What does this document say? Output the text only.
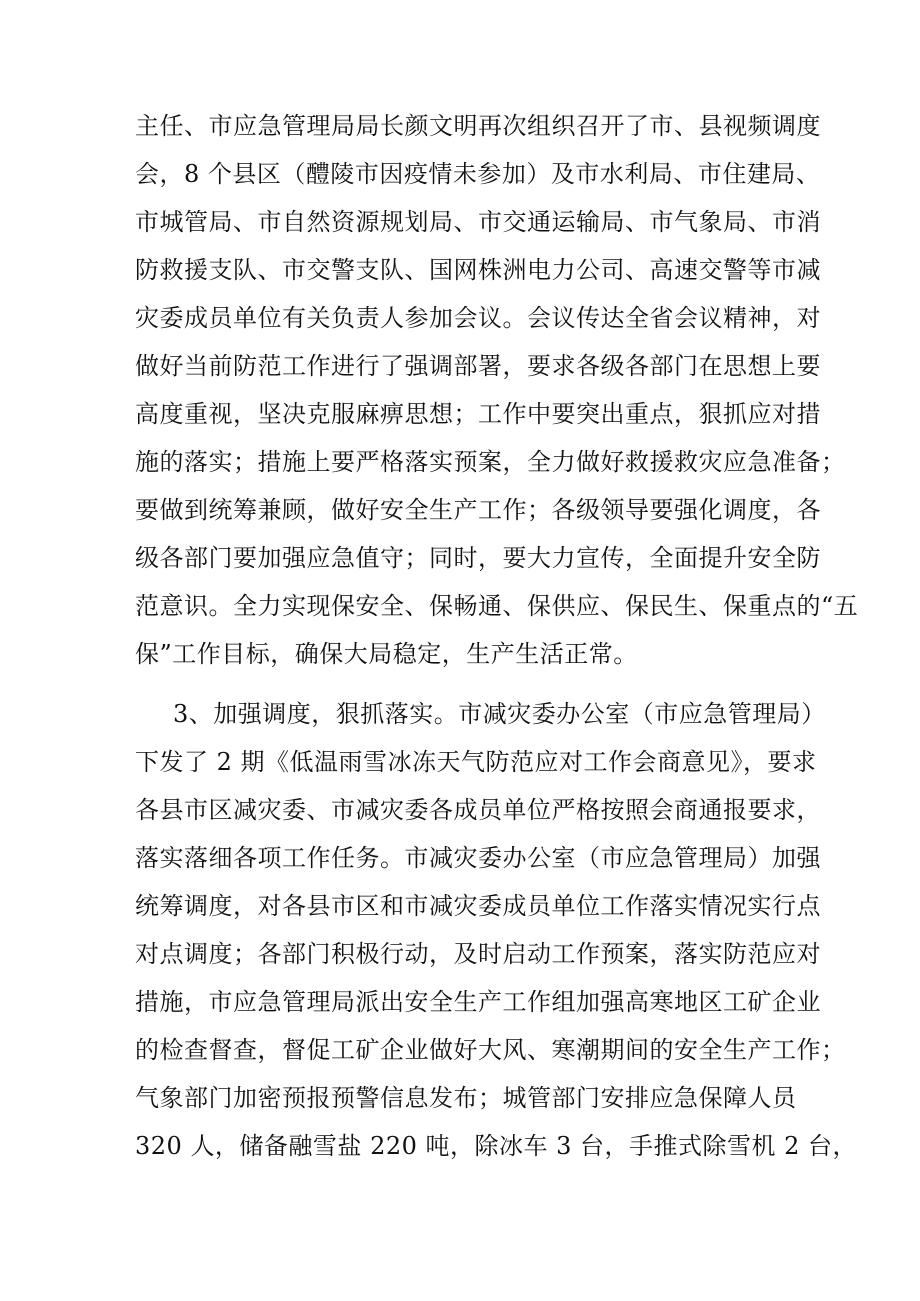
主任、市应急管理局局长颜文明再次组织召开了市、县视频调度
会，8 个县区（醴陵市因疫情未参加）及市水利局、市住建局、
市城管局、市自然资源规划局、市交通运输局、市气象局、市消
防救援支队、市交警支队、国网株洲电力公司、高速交警等市减
灾委成员单位有关负责人参加会议。会议传达全省会议精神，对
做好当前防范工作进行了强调部署，要求各级各部门在思想上要
高度重视，坚决克服麻痹思想；工作中要突出重点，狠抓应对措
施的落实；措施上要严格落实预案，全力做好救援救灾应急准备；
要做到统筹兼顾，做好安全生产工作；各级领导要强化调度，各
级各部门要加强应急值守；同时，要大力宣传，全面提升安全防
范意识。全力实现保安全、保畅通、保供应、保民生、保重点的“五
保”工作目标，确保大局稳定，生产生活正常。
3、加强调度，狠抓落实。市减灾委办公室（市应急管理局）
下发了 2 期《低温雨雪冰冻天气防范应对工作会商意见》，要求
各县市区减灾委、市减灾委各成员单位严格按照会商通报要求，
落实落细各项工作任务。市减灾委办公室（市应急管理局）加强
统筹调度，对各县市区和市减灾委成员单位工作落实情况实行点
对点调度；各部门积极行动，及时启动工作预案，落实防范应对
措施，市应急管理局派出安全生产工作组加强高寒地区工矿企业
的检查督查，督促工矿企业做好大风、寒潮期间的安全生产工作；
气象部门加密预报预警信息发布；城管部门安排应急保障人员
320 人，储备融雪盐 220 吨，除冰车 3 台，手推式除雪机 2 台，
